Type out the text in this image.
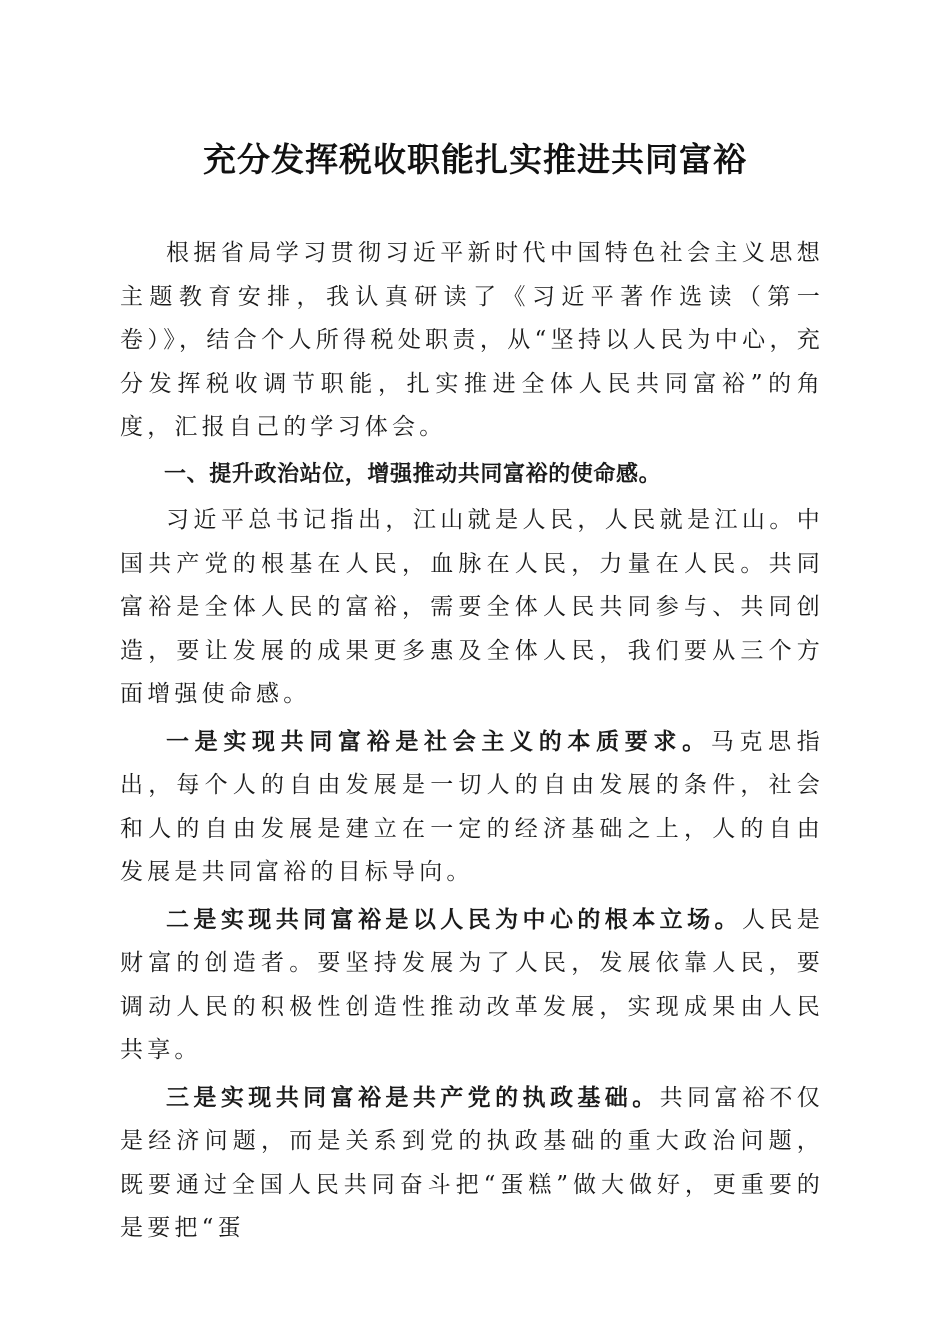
充分发挥税收职能扎实推进共同富裕

根据省局学习贯彻习近平新时代中国特色社会主义思想主题教育安排，我认真研读了《习近平著作选读（第一卷）》，结合个人所得税处职责，从“坚持以人民为中心，充分发挥税收调节职能，扎实推进全体人民共同富裕”的角度，汇报自己的学习体会。

一、提升政治站位，增强推动共同富裕的使命感。

习近平总书记指出，江山就是人民，人民就是江山。中国共产党的根基在人民，血脉在人民，力量在人民。共同富裕是全体人民的富裕，需要全体人民共同参与、共同创造，要让发展的成果更多惠及全体人民，我们要从三个方面增强使命感。

一是实现共同富裕是社会主义的本质要求。马克思指出，每个人的自由发展是一切人的自由发展的条件，社会和人的自由发展是建立在一定的经济基础之上，人的自由发展是共同富裕的目标导向。

二是实现共同富裕是以人民为中心的根本立场。人民是财富的创造者。要坚持发展为了人民，发展依靠人民，要调动人民的积极性创造性推动改革发展，实现成果由人民共享。

三是实现共同富裕是共产党的执政基础。共同富裕不仅是经济问题，而是关系到党的执政基础的重大政治问题，既要通过全国人民共同奋斗把“蛋糕”做大做好，更重要的是要把“蛋
